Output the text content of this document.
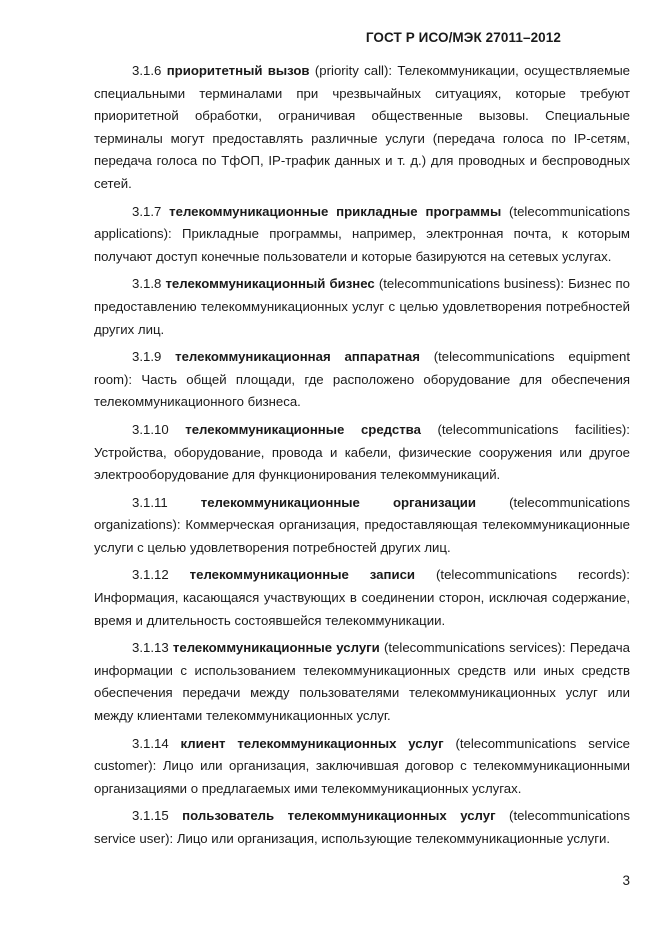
ГОСТ Р ИСО/МЭК 27011–2012

3.1.6 приоритетный вызов (priority call): Телекоммуникации, осуществляемые специальными терминалами при чрезвычайных ситуациях, которые требуют приоритетной обработки, ограничивая общественные вызовы. Специальные терминалы могут предоставлять различные услуги (передача голоса по IP-сетям, передача голоса по ТфОП, IP-трафик данных и т. д.) для проводных и беспроводных сетей.

3.1.7 телекоммуникационные прикладные программы (telecommunications applications): Прикладные программы, например, электронная почта, к которым получают доступ конечные пользователи и которые базируются на сетевых услугах.

3.1.8 телекоммуникационный бизнес (telecommunications business): Бизнес по предоставлению телекоммуникационных услуг с целью удовлетворения потребностей других лиц.

3.1.9 телекоммуникационная аппаратная (telecommunications equipment room): Часть общей площади, где расположено оборудование для обеспечения телекоммуникационного бизнеса.

3.1.10 телекоммуникационные средства (telecommunications facilities): Устройства, оборудование, провода и кабели, физические сооружения или другое электрооборудование для функционирования телекоммуникаций.

3.1.11	телекоммуникационные организации	(telecommunications organizations): Коммерческая организация, предоставляющая телекоммуникационные услуги с целью удовлетворения потребностей других лиц.

3.1.12 телекоммуникационные записи (telecommunications records): Информация, касающаяся участвующих в соединении сторон, исключая содержание, время и длительность состоявшейся телекоммуникации.

3.1.13 телекоммуникационные услуги (telecommunications services): Передача информации с использованием телекоммуникационных средств или иных средств обеспечения передачи между пользователями телекоммуникационных услуг или между клиентами телекоммуникационных услуг.

3.1.14 клиент телекоммуникационных услуг (telecommunications service customer): Лицо или организация, заключившая договор с телекоммуникационными организациями о предлагаемых ими телекоммуникационных услугах.

3.1.15 пользователь телекоммуникационных услуг (telecommunications service user): Лицо или организация, использующие телекоммуникационные услуги.

3
